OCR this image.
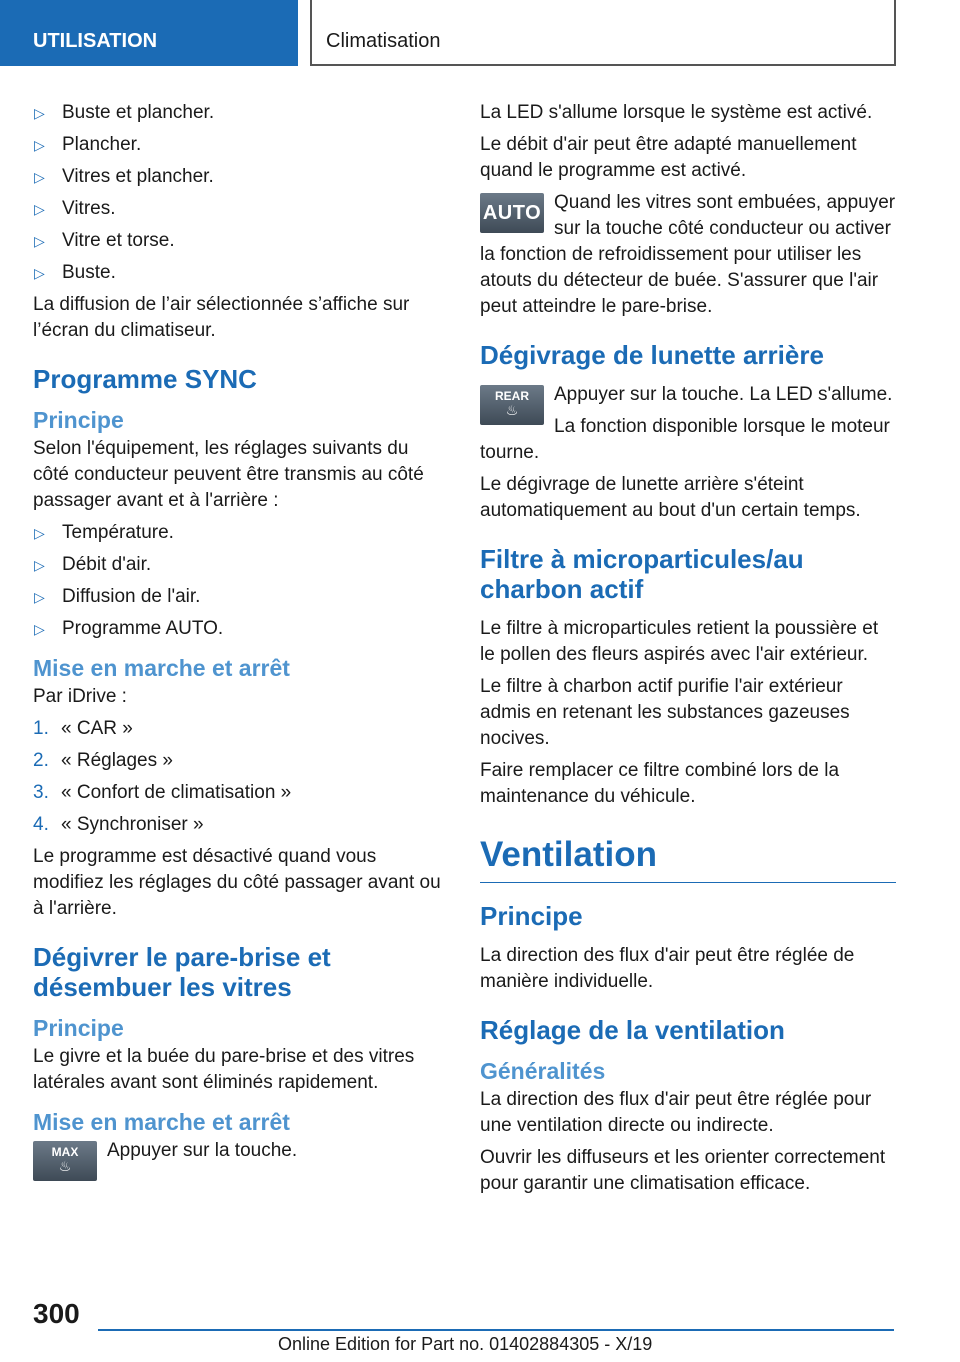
UTILISATION	Climatisation
▷ Buste et plancher.
▷ Plancher.
▷ Vitres et plancher.
▷ Vitres.
▷ Vitre et torse.
▷ Buste.

La diffusion de l’air sélectionnée s’affiche sur l’écran du climatiseur.

Programme SYNC
Principe

Selon l'équipement, les réglages suivants du côté conducteur peuvent être transmis au côté passager avant et à l'arrière :

▷ Température.
▷ Débit d'air.
▷ Diffusion de l'air.
▷ Programme AUTO.
Mise en marche et arrêt

Par iDrive :

1. « CAR »
2. « Réglages »
3. « Confort de climatisation »
4. « Synchroniser »

Le programme est désactivé quand vous modifiez les réglages du côté passager avant ou à l'arrière.

Dégivrer le pare-brise et désembuer les vitres
Principe

Le givre et la buée du pare-brise et des vitres latérales avant sont éliminés rapidement.

Mise en marche et arrêt
MAX
♨

Appuyer sur la touche.

La LED s'allume lorsque le système est activé.

Le débit d'air peut être adapté manuellement quand le programme est activé.

AUTO Quand les vitres sont embuées, appuyer sur la touche côté conducteur ou activer la fonction de refroidissement pour utiliser les atouts du détecteur de buée. S'assurer que l'air peut atteindre le pare-brise.

Dégivrage de lunette arrière
REAR
♨

Appuyer sur la touche. La LED s'allume.

La fonction disponible lorsque le moteur tourne.

Le dégivrage de lunette arrière s'éteint automatiquement au bout d'un certain temps.

Filtre à microparticules/au charbon actif

Le filtre à microparticules retient la poussière et le pollen des fleurs aspirés avec l'air extérieur.

Le filtre à charbon actif purifie l'air extérieur admis en retenant les substances gazeuses nocives.

Faire remplacer ce filtre combiné lors de la maintenance du véhicule.

Ventilation
Principe

La direction des flux d'air peut être réglée de manière individuelle.

Réglage de la ventilation
Généralités

La direction des flux d'air peut être réglée pour une ventilation directe ou indirecte.

Ouvrir les diffuseurs et les orienter correctement pour garantir une climatisation efficace.

300
Online Edition for Part no. 01402884305 - X/19
